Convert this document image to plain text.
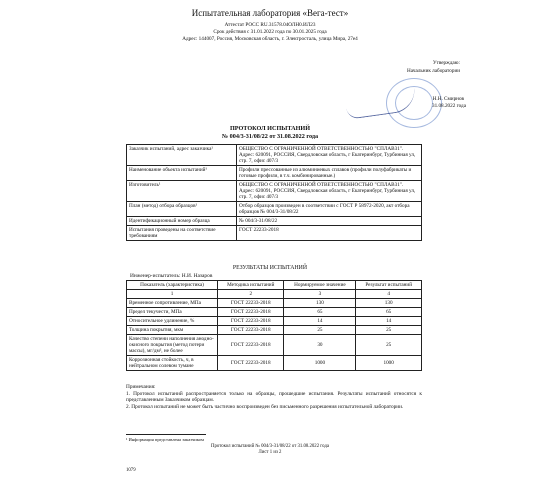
Испытательная лаборатория «Вега-тест»
Аттестат РОСС RU.31578.04ОЛН0.ИЛ23
Срок действия с 31.01.2022 года по 30.01.2025 года
Адрес: 144007, Россия, Московская область, г. Электросталь, улица Мира, 27е4
Утверждаю:
Начальник лаборатории
Н.Н. Смирнов
31.08.2022 года
ПРОТОКОЛ ИСПЫТАНИЙ
№ 004/3-31/08/22 от 31.08.2022 года
Заказчик испытаний, адрес заказчика¹	ОБЩЕСТВО С ОГРАНИЧЕННОЙ ОТВЕТСТВЕННОСТЬЮ "СПЛАВ31". Адрес: 620091, РОССИЯ, Свердловская область, г Екатеринбург, Турбинная ул, стр. 7, офис 407/3
Наименование объекта испытаний¹	Профили прессованные из алюминиевых сплавов (профили полуфабрикаты и готовые профили, в т.ч. комбинированные.)
Изготовитель¹	ОБЩЕСТВО С ОГРАНИЧЕННОЙ ОТВЕТСТВЕННОСТЬЮ "СПЛАВ31". Адрес: 620091, РОССИЯ, Свердловская область, г Екатеринбург, Турбинная ул, стр. 7, офис 407/3
План (метод) отбора образцов¹	Отбор образцов произведен в соответствии с ГОСТ Р 58972-2020, акт отбора образцов № 004/3-31/08/22
Идентификационный номер образца	№ 004/3-31/08/22
Испытания проведены на соответствие требованиям	ГОСТ 22233-2018
РЕЗУЛЬТАТЫ ИСПЫТАНИЙ
Инженер-испытатель: Н.И. Назаров
Показатель (характеристика)	Методика испытаний	Нормируемое значение	Результат испытаний
1	2	3	4
Временное сопротивление, МПа	ГОСТ 22233-2018	130	130
Предел текучести, МПа	ГОСТ 22233-2018	65	65
Относительное удлинение, %	ГОСТ 22233-2018	14	14
Толщина покрытия, мкм	ГОСТ 22233-2018	25	25
Качество степени наполнения анодно-окисного покрытия (метод потери массы), мг/дм², не более	ГОСТ 22233-2018	30	25
Коррозионная стойкость, ч, в нейтральном солевом тумане	ГОСТ 22233-2018	1000	1000
Примечания:
1. Протокол испытаний распространяется только на образцы, прошедшие испытания. Результаты испытаний относятся к представленным Заказчиком образцам.
2. Протокол испытаний не может быть частично воспроизведен без письменного разрешения испытательной лаборатории.
¹ Информация представлена заказчиком
Протокол испытаний № 004/3-31/08/22 от 31.08.2022 года
Лист 1 из 2
1079
